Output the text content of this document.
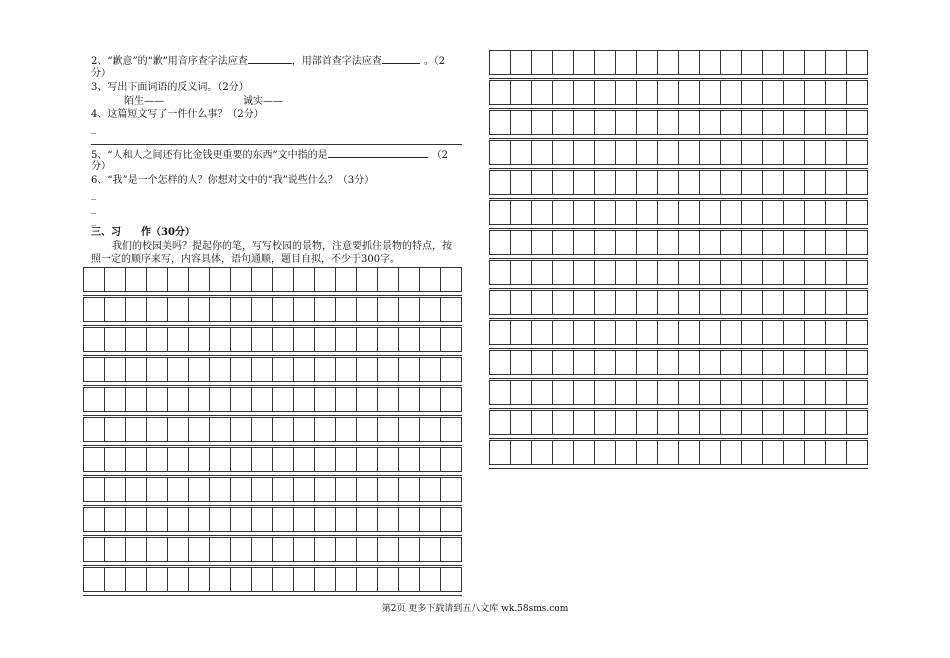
2、“歉意”的“歉”用音序查字法应查	，用部首查字法应查	。（2
分）
3、写出下面词语的反义词。（2分）
陌生——	诚实——
4、这篇短文写了一件什么事？（2分）
_
5、“人和人之间还有比金钱更重要的东西”文中指的是	（2
分）
6、“我”是一个怎样的人？你想对文中的“我”说些什么？（3分）
_
_
_
三、习　　作（30分）
我们的校园美吗？提起你的笔，写写校园的景物，注意要抓住景物的特点，按
照一定的顺序来写，内容具体，语句通顺，题目自拟，不少于300字。
第2页 更多下载请到五八文库 wk.58sms.com
